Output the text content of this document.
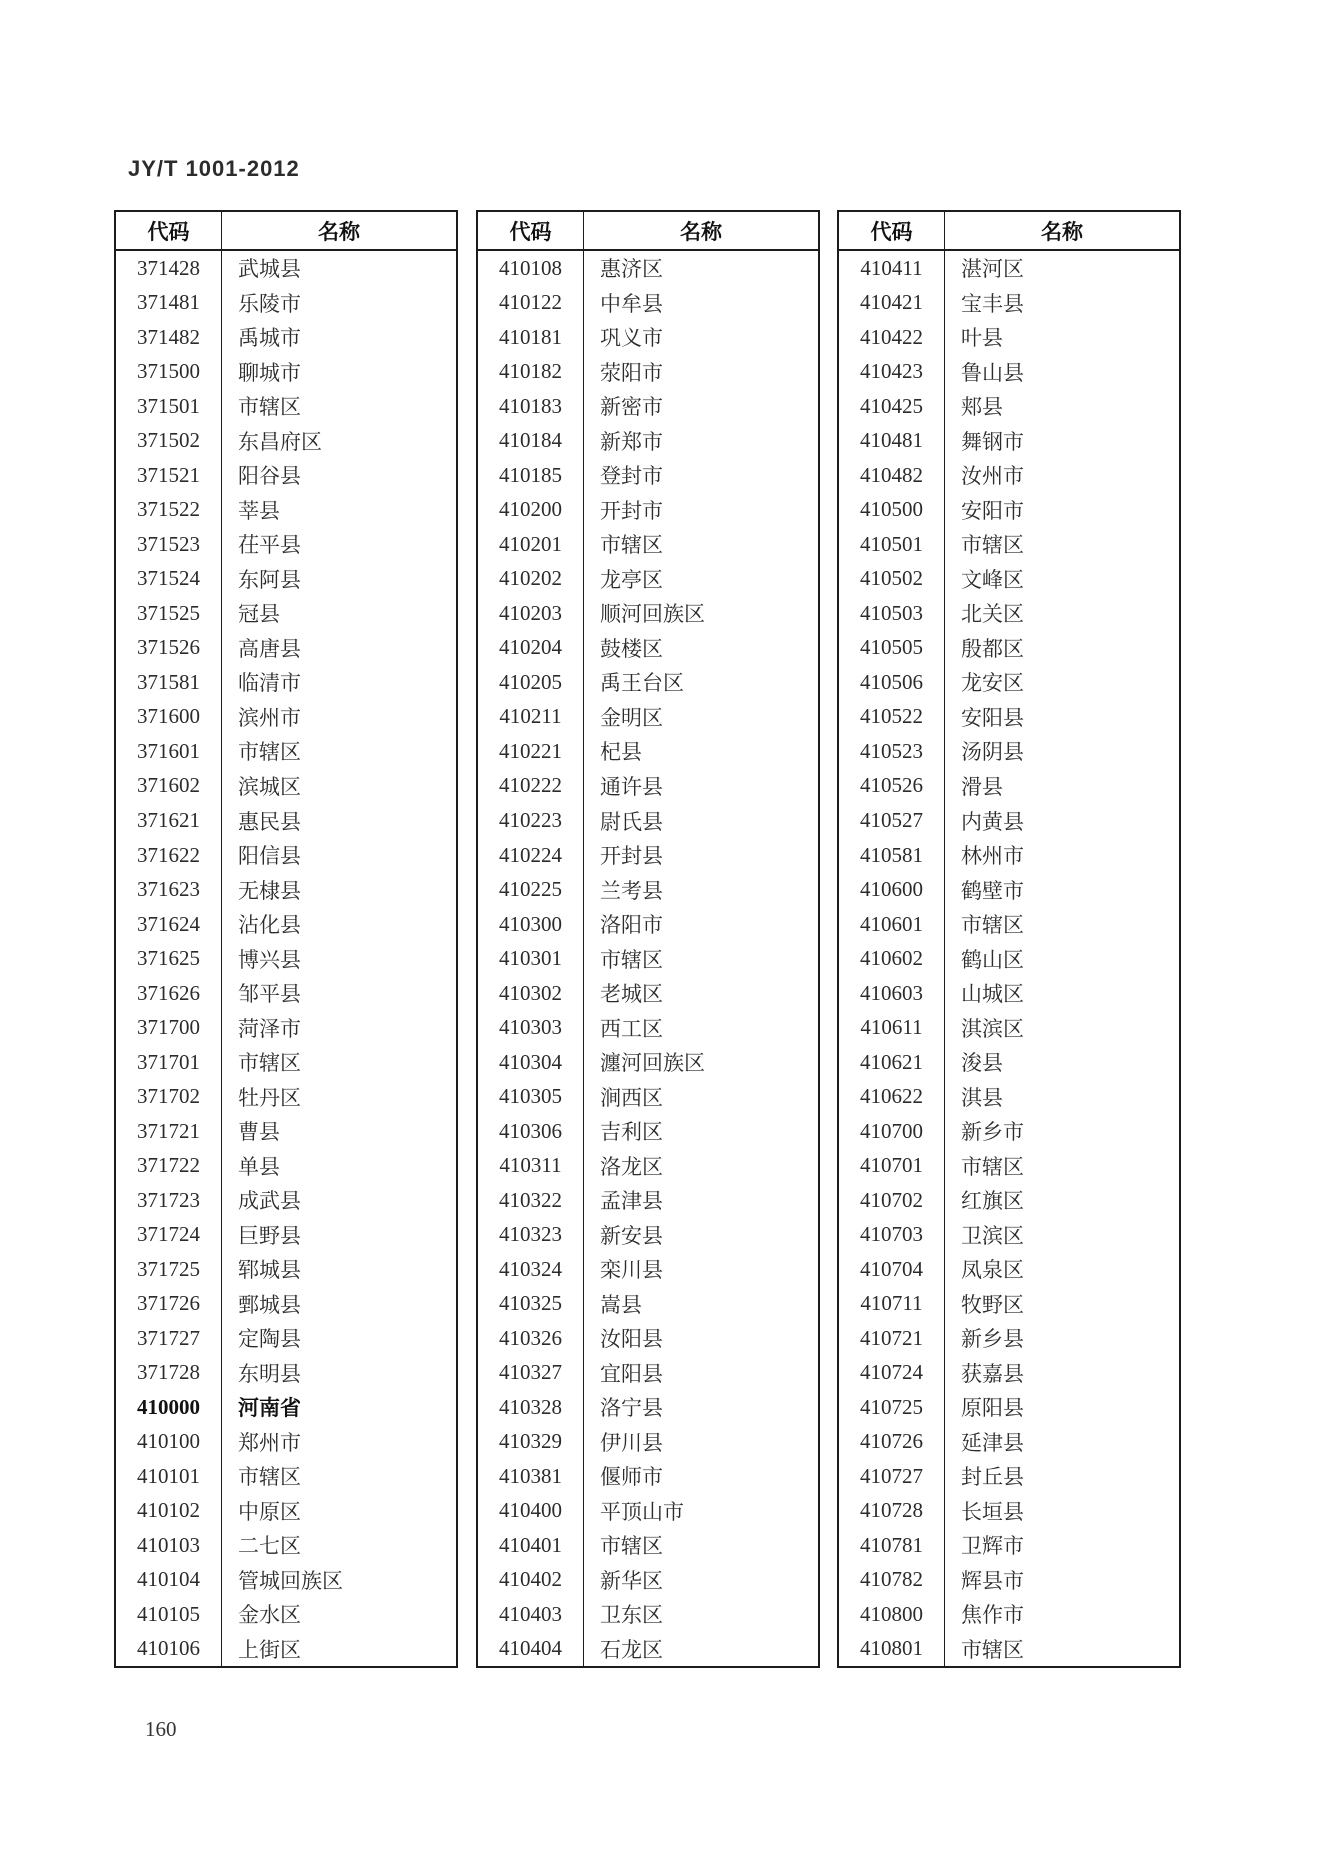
JY/T 1001-2012
代码	名称
371428	武城县
371481	乐陵市
371482	禹城市
371500	聊城市
371501	市辖区
371502	东昌府区
371521	阳谷县
371522	莘县
371523	茌平县
371524	东阿县
371525	冠县
371526	高唐县
371581	临清市
371600	滨州市
371601	市辖区
371602	滨城区
371621	惠民县
371622	阳信县
371623	无棣县
371624	沾化县
371625	博兴县
371626	邹平县
371700	菏泽市
371701	市辖区
371702	牡丹区
371721	曹县
371722	单县
371723	成武县
371724	巨野县
371725	郓城县
371726	鄄城县
371727	定陶县
371728	东明县
410000	河南省
410100	郑州市
410101	市辖区
410102	中原区
410103	二七区
410104	管城回族区
410105	金水区
410106	上街区
代码	名称
410108	惠济区
410122	中牟县
410181	巩义市
410182	荥阳市
410183	新密市
410184	新郑市
410185	登封市
410200	开封市
410201	市辖区
410202	龙亭区
410203	顺河回族区
410204	鼓楼区
410205	禹王台区
410211	金明区
410221	杞县
410222	通许县
410223	尉氏县
410224	开封县
410225	兰考县
410300	洛阳市
410301	市辖区
410302	老城区
410303	西工区
410304	瀍河回族区
410305	涧西区
410306	吉利区
410311	洛龙区
410322	孟津县
410323	新安县
410324	栾川县
410325	嵩县
410326	汝阳县
410327	宜阳县
410328	洛宁县
410329	伊川县
410381	偃师市
410400	平顶山市
410401	市辖区
410402	新华区
410403	卫东区
410404	石龙区
代码	名称
410411	湛河区
410421	宝丰县
410422	叶县
410423	鲁山县
410425	郏县
410481	舞钢市
410482	汝州市
410500	安阳市
410501	市辖区
410502	文峰区
410503	北关区
410505	殷都区
410506	龙安区
410522	安阳县
410523	汤阴县
410526	滑县
410527	内黄县
410581	林州市
410600	鹤壁市
410601	市辖区
410602	鹤山区
410603	山城区
410611	淇滨区
410621	浚县
410622	淇县
410700	新乡市
410701	市辖区
410702	红旗区
410703	卫滨区
410704	凤泉区
410711	牧野区
410721	新乡县
410724	获嘉县
410725	原阳县
410726	延津县
410727	封丘县
410728	长垣县
410781	卫辉市
410782	辉县市
410800	焦作市
410801	市辖区
160
